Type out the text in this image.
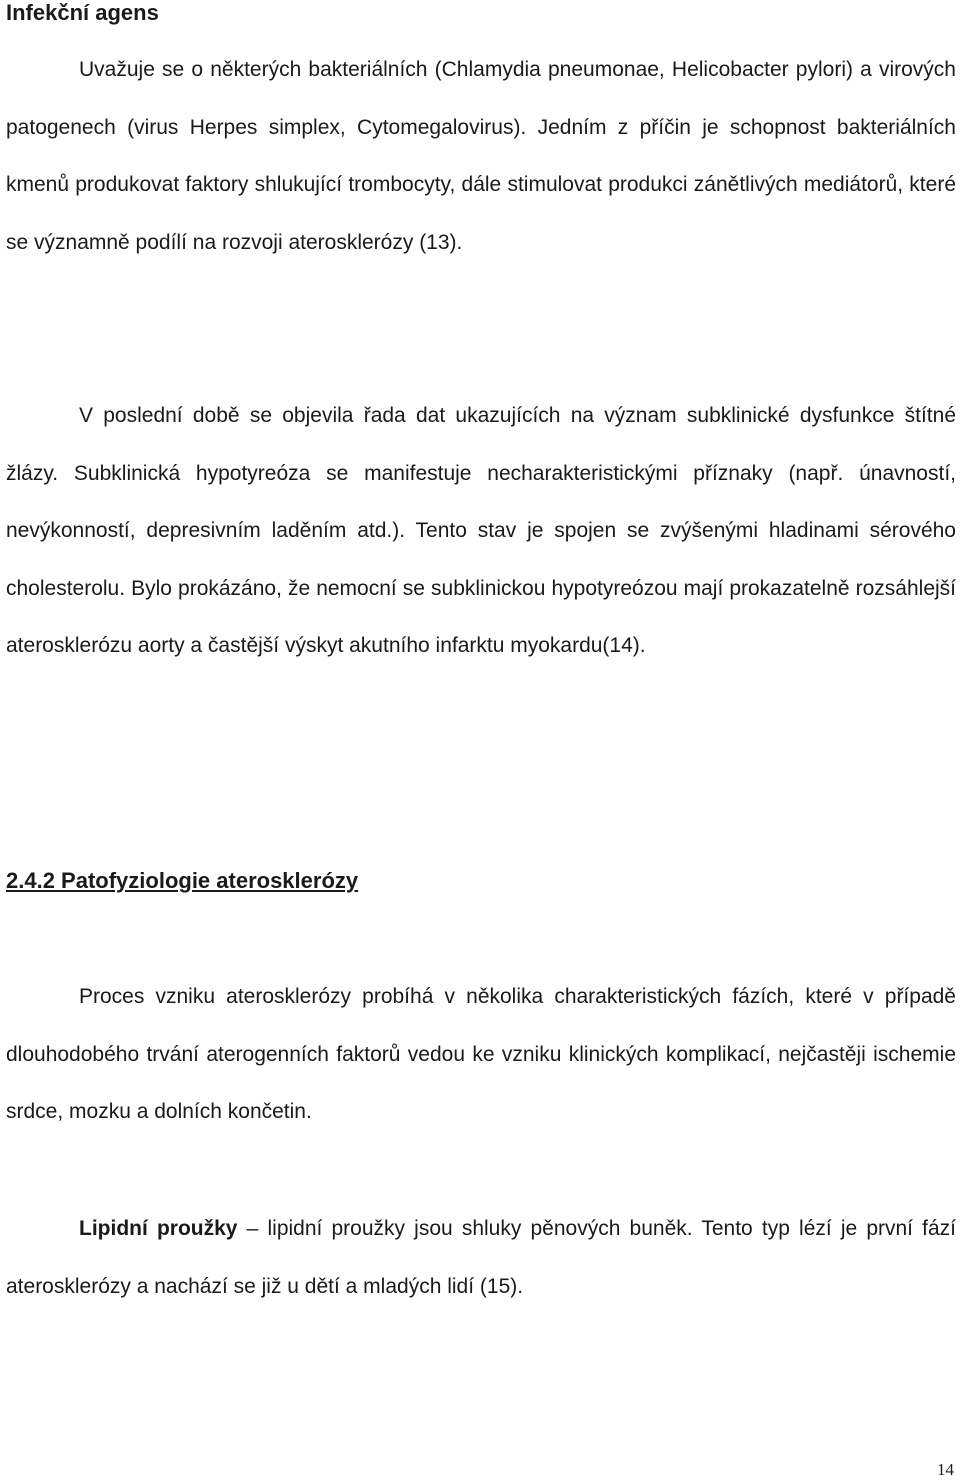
Infekční agens

Uvažuje se o některých bakteriálních (Chlamydia pneumonae, Helicobacter pylori) a virových patogenech (virus Herpes simplex, Cytomegalovirus). Jedním z příčin je schopnost bakteriálních kmenů produkovat faktory shlukující trombocyty, dále stimulovat produkci zánětlivých mediátorů, které se významně podílí na rozvoji aterosklerózy (13).

V poslední době se objevila řada dat ukazujících na význam subklinické dysfunkce štítné žlázy. Subklinická hypotyreóza se manifestuje necharakteristickými příznaky (např. únavností, nevýkonností, depresivním laděním atd.). Tento stav je spojen se zvýšenými hladinami sérového cholesterolu. Bylo prokázáno, že nemocní se subklinickou hypotyreózou mají prokazatelně rozsáhlejší aterosklerózu aorty a častější výskyt akutního infarktu myokardu(14).

2.4.2 Patofyziologie aterosklerózy

Proces vzniku aterosklerózy probíhá v několika charakteristických fázích, které v případě dlouhodobého trvání aterogenních faktorů vedou ke vzniku klinických komplikací, nejčastěji ischemie srdce, mozku a dolních končetin.

Lipidní proužky – lipidní proužky jsou shluky pěnových buněk. Tento typ lézí je první fází aterosklerózy a nachází se již u dětí a mladých lidí (15).

14
